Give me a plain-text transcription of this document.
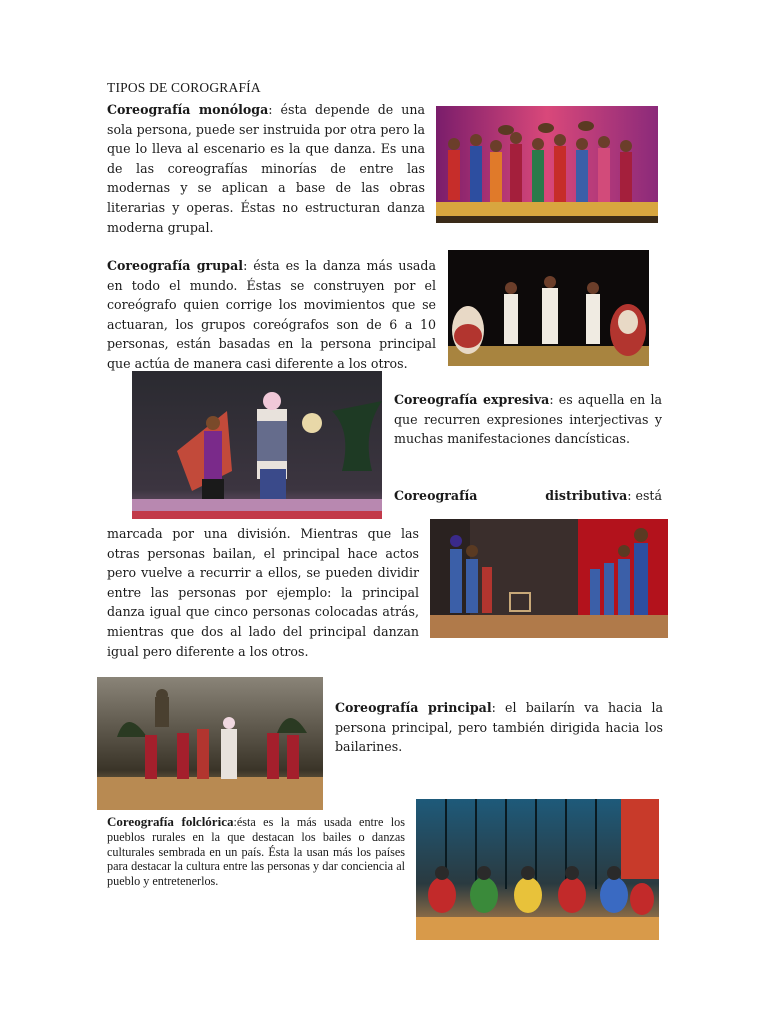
TIPOS DE COROGRAFÍA
Coreografía monóloga: ésta depende de una sola persona, puede ser instruida por otra pero la que lo lleva al escenario es la que danza. Es una de las coreografías minorías de entre las modernas y se aplican a base de las obras literarias y operas. Éstas no estructuran danza moderna grupal.
Coreografía grupal: ésta es la danza más usada en todo el mundo. Éstas se construyen por el coreógrafo quien corrige los movimientos que se actuaran, los grupos coreógrafos son de 6 a 10 personas, están basadas en la persona principal que actúa de manera casi diferente a los otros.
Coreografía expresiva: es aquella en la que recurren expresiones interjectivas y muchas manifestaciones dancísticas.
Coreografía	distributiva: está
marcada por una división. Mientras que las otras personas bailan, el principal hace actos pero vuelve a recurrir a ellos, se pueden dividir entre las personas por ejemplo: la principal danza igual que cinco personas colocadas atrás, mientras que dos al lado del principal danzan igual pero diferente a los otros.
Coreografía principal: el bailarín va hacia la persona principal, pero también dirigida hacia los bailarines.
Coreografía folclórica:ésta es la más usada entre los pueblos rurales en la que destacan los bailes o danzas culturales sembrada en un país. Ésta la usan más los países para destacar la cultura entre las personas y dar conciencia al pueblo y entretenerlos.
